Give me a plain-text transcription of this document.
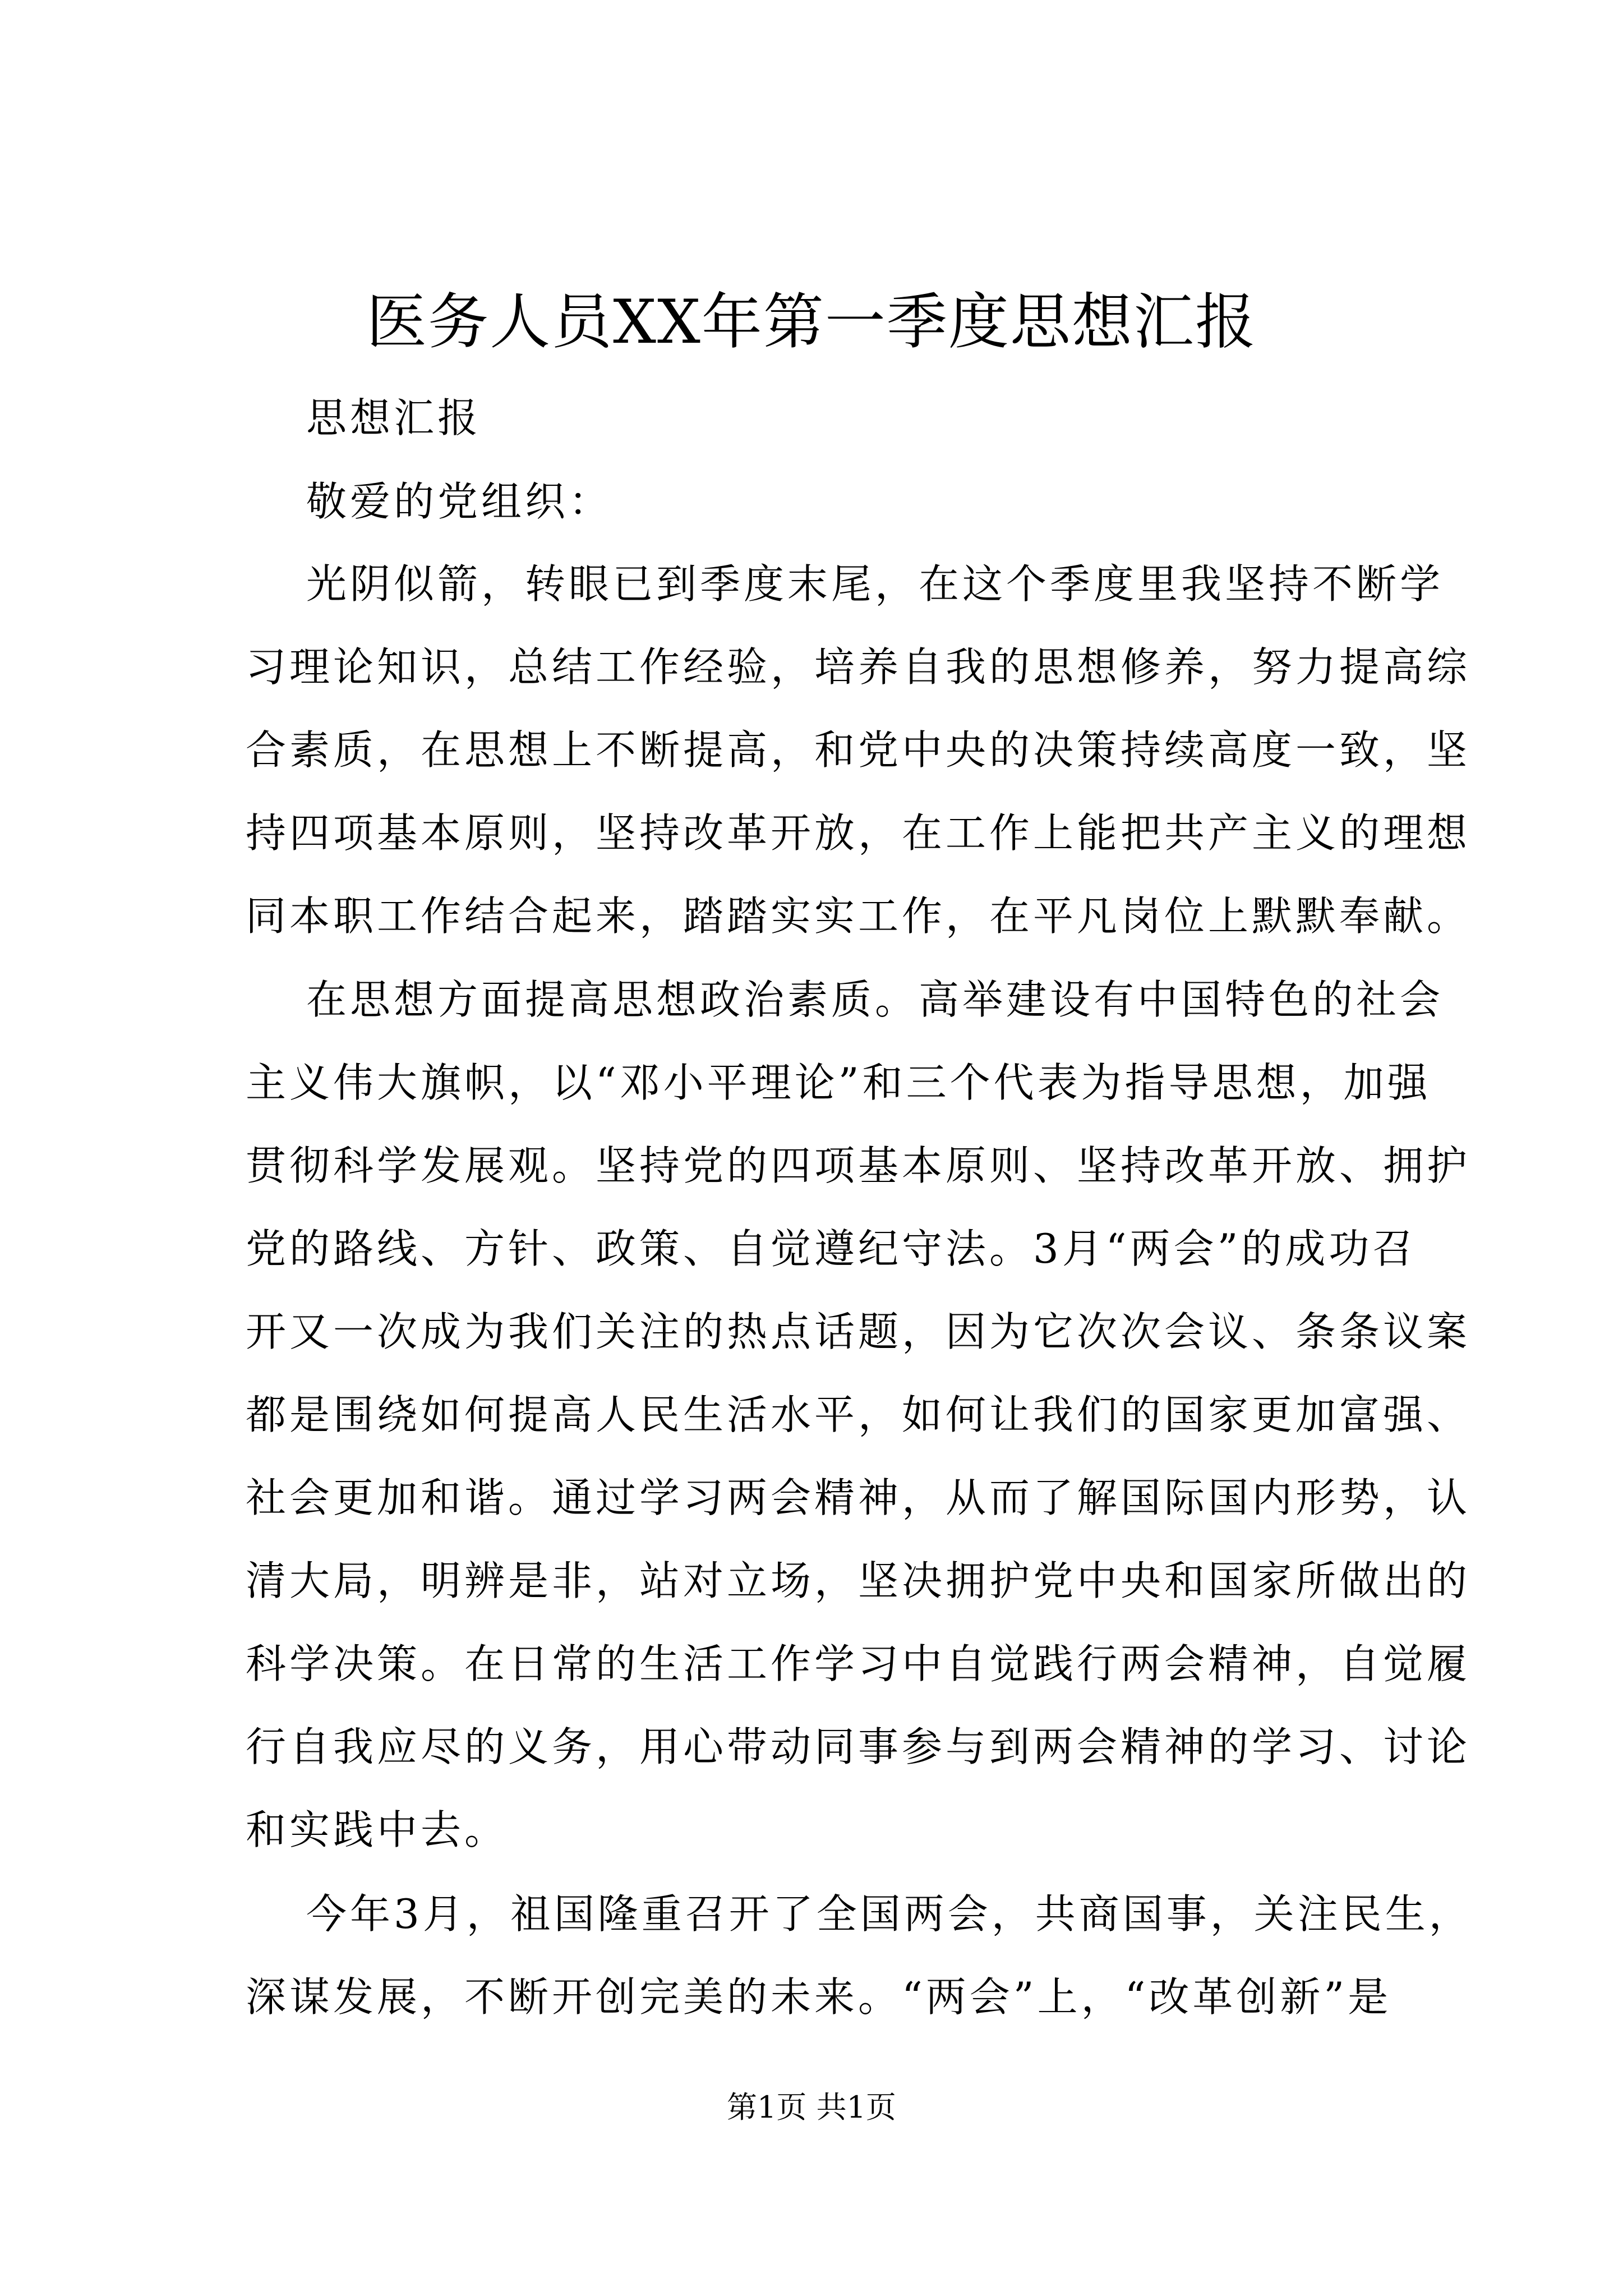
医务人员XX年第一季度思想汇报
思想汇报
敬爱的党组织：
光阴似箭，转眼已到季度末尾，在这个季度里我坚持不断学
习理论知识，总结工作经验，培养自我的思想修养，努力提高综
合素质，在思想上不断提高，和党中央的决策持续高度一致，坚
持四项基本原则，坚持改革开放，在工作上能把共产主义的理想
同本职工作结合起来，踏踏实实工作，在平凡岗位上默默奉献。
在思想方面提高思想政治素质。高举建设有中国特色的社会
主义伟大旗帜，以“邓小平理论”和三个代表为指导思想，加强
贯彻科学发展观。坚持党的四项基本原则、坚持改革开放、拥护
党的路线、方针、政策、自觉遵纪守法。3月“两会”的成功召
开又一次成为我们关注的热点话题，因为它次次会议、条条议案
都是围绕如何提高人民生活水平，如何让我们的国家更加富强、
社会更加和谐。通过学习两会精神，从而了解国际国内形势，认
清大局，明辨是非，站对立场，坚决拥护党中央和国家所做出的
科学决策。在日常的生活工作学习中自觉践行两会精神，自觉履
行自我应尽的义务，用心带动同事参与到两会精神的学习、讨论
和实践中去。
今年3月，祖国隆重召开了全国两会，共商国事，关注民生，
深谋发展，不断开创完美的未来。“两会”上，“改革创新”是
第1页 共1页
